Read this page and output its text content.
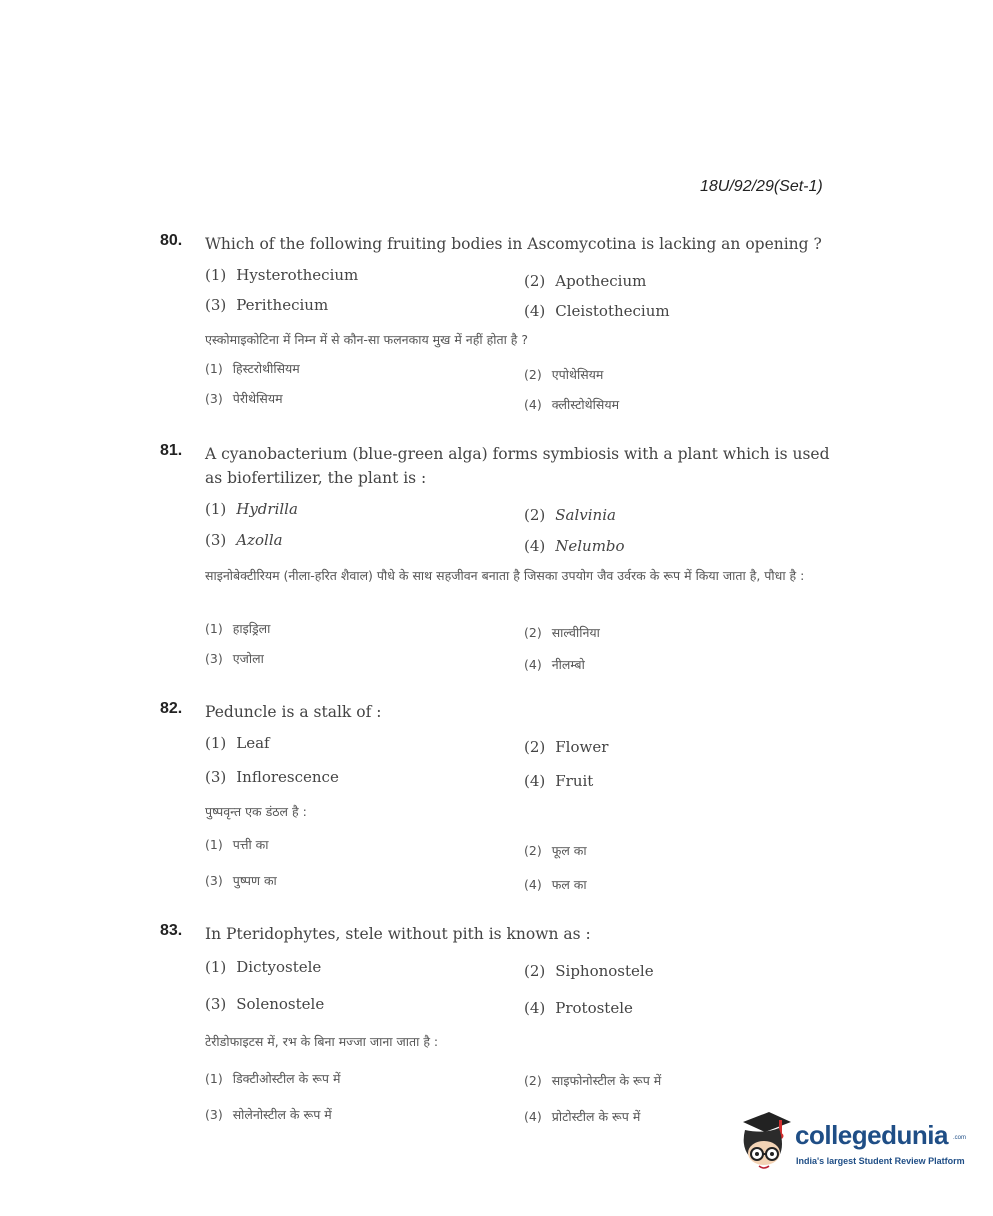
18U/92/29(Set-1)
80. Which of the following fruiting bodies in Ascomycotina is lacking an opening ?
(1) Hysterothecium	(2) Apothecium
(3) Perithecium	(4) Cleistothecium
एस्कोमाइकोटिना में निम्न में से कौन-सा फलनकाय मुख में नहीं होता है ?
(1) हिस्टरोथीसियम	(2) एपोथेसियम
(3) पेरीथेसियम	(4) क्लीस्टोथेसियम
81. A cyanobacterium (blue-green alga) forms symbiosis with a plant which is used as biofertilizer, the plant is :
(1) Hydrilla	(2) Salvinia
(3) Azolla	(4) Nelumbo
साइनोबेक्टीरियम (नीला-हरित शैवाल) पौधे के साथ सहजीवन बनाता है जिसका उपयोग जैव उर्वरक के रूप में किया जाता है, पौधा है :
(1) हाइड्रिला	(2) साल्वीनिया
(3) एजोला	(4) नीलम्बो
82. Peduncle is a stalk of :
(1) Leaf	(2) Flower
(3) Inflorescence	(4) Fruit
पुष्पवृन्त एक डंठल है :
(1) पत्ती का	(2) फूल का
(3) पुष्पण का	(4) फल का
83. In Pteridophytes, stele without pith is known as :
(1) Dictyostele	(2) Siphonostele
(3) Solenostele	(4) Protostele
टेरीडोफाइटस में, रभ के बिना मज्जा जाना जाता है :
(1) डिक्टीओस्टील के रूप में	(2) साइफोनोस्टील के रूप में
(3) सोलेनोस्टील के रूप में	(4) प्रोटोस्टील के रूप में
collegedunia .com
India's largest Student Review Platform
